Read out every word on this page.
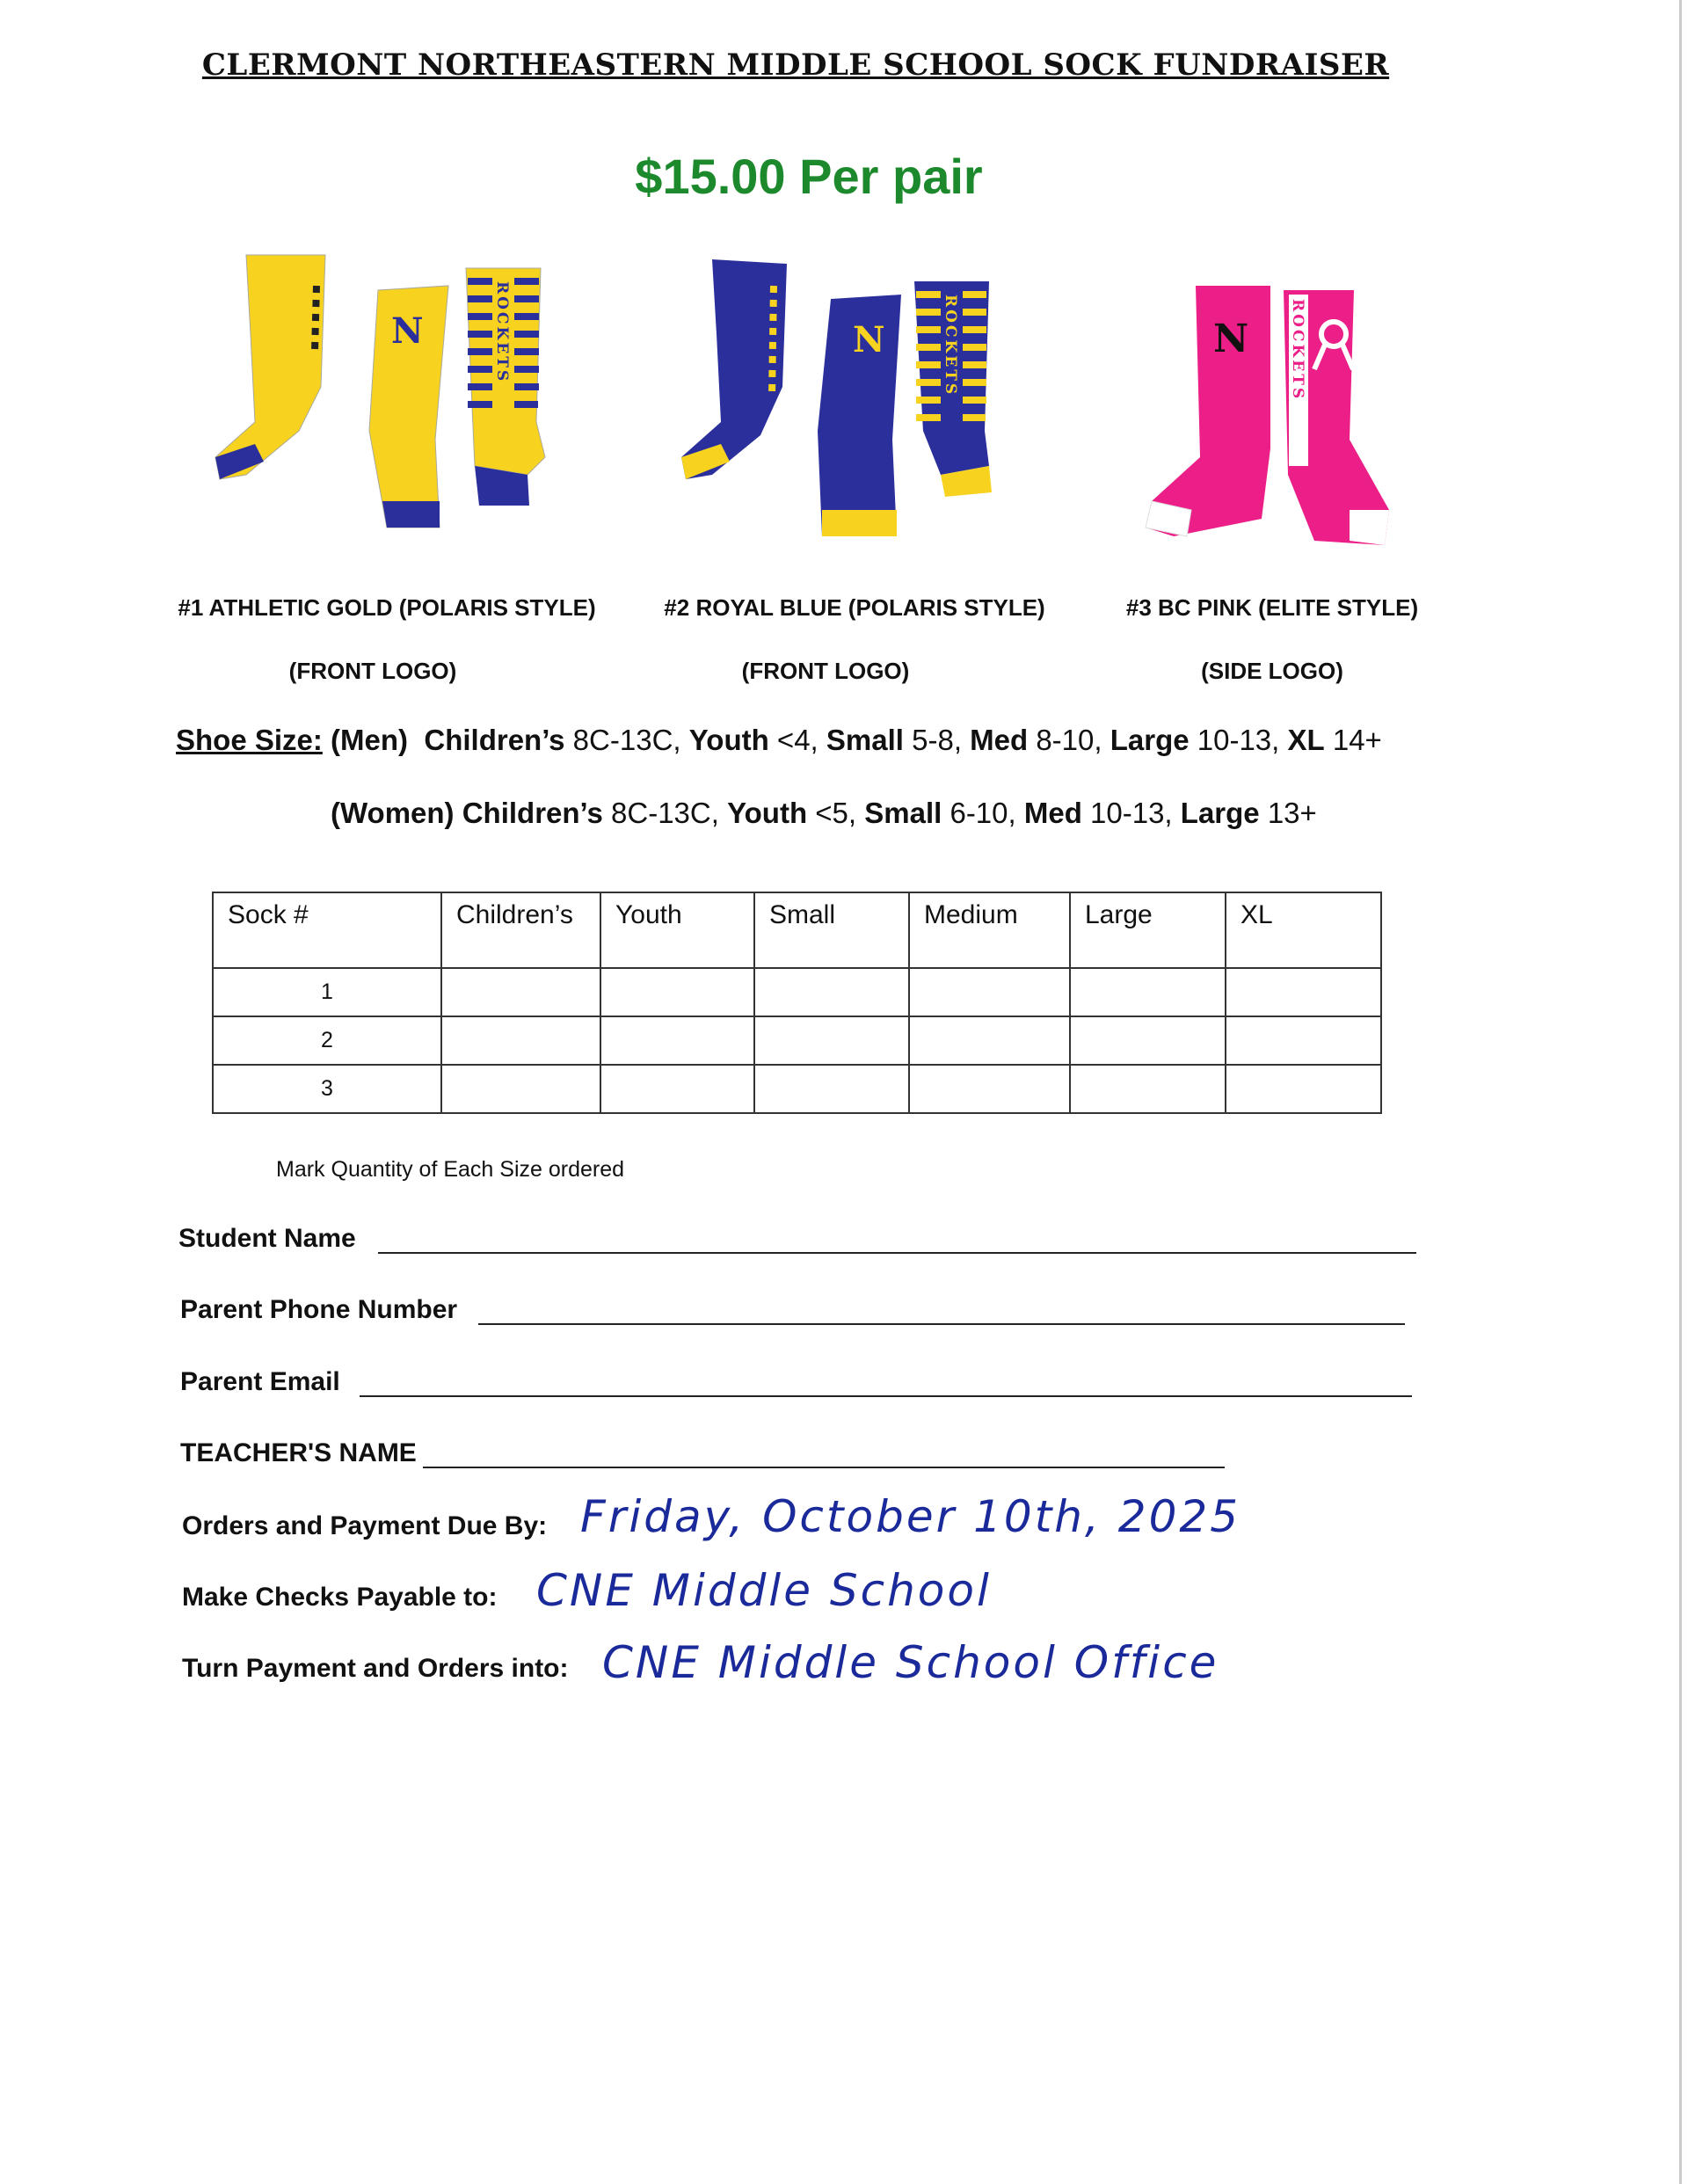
CLERMONT NORTHEASTERN MIDDLE SCHOOL SOCK FUNDRAISER
$15.00 Per pair
N	ROCKETS	N	ROCKETS	N	ROCKETS
#1 ATHLETIC GOLD (POLARIS STYLE)	#2 ROYAL BLUE (POLARIS STYLE)	#3 BC PINK (ELITE STYLE)
(FRONT LOGO)	(FRONT LOGO)	(SIDE LOGO)
Shoe Size: (Men) Children’s 8C-13C, Youth <4, Small 5-8, Med 8-10, Large 10-13, XL 14+
(Women) Children’s 8C-13C, Youth <5, Small 6-10, Med 10-13, Large 13+
Sock #	Children’s	Youth	Small	Medium	Large	XL
1						
2						
3						
Mark Quantity of Each Size ordered
Student Name
Parent Phone Number
Parent Email
TEACHER'S NAME
Orders and Payment Due By: Friday, October 10th, 2025
Make Checks Payable to: CNE Middle School
Turn Payment and Orders into: CNE Middle School Office
